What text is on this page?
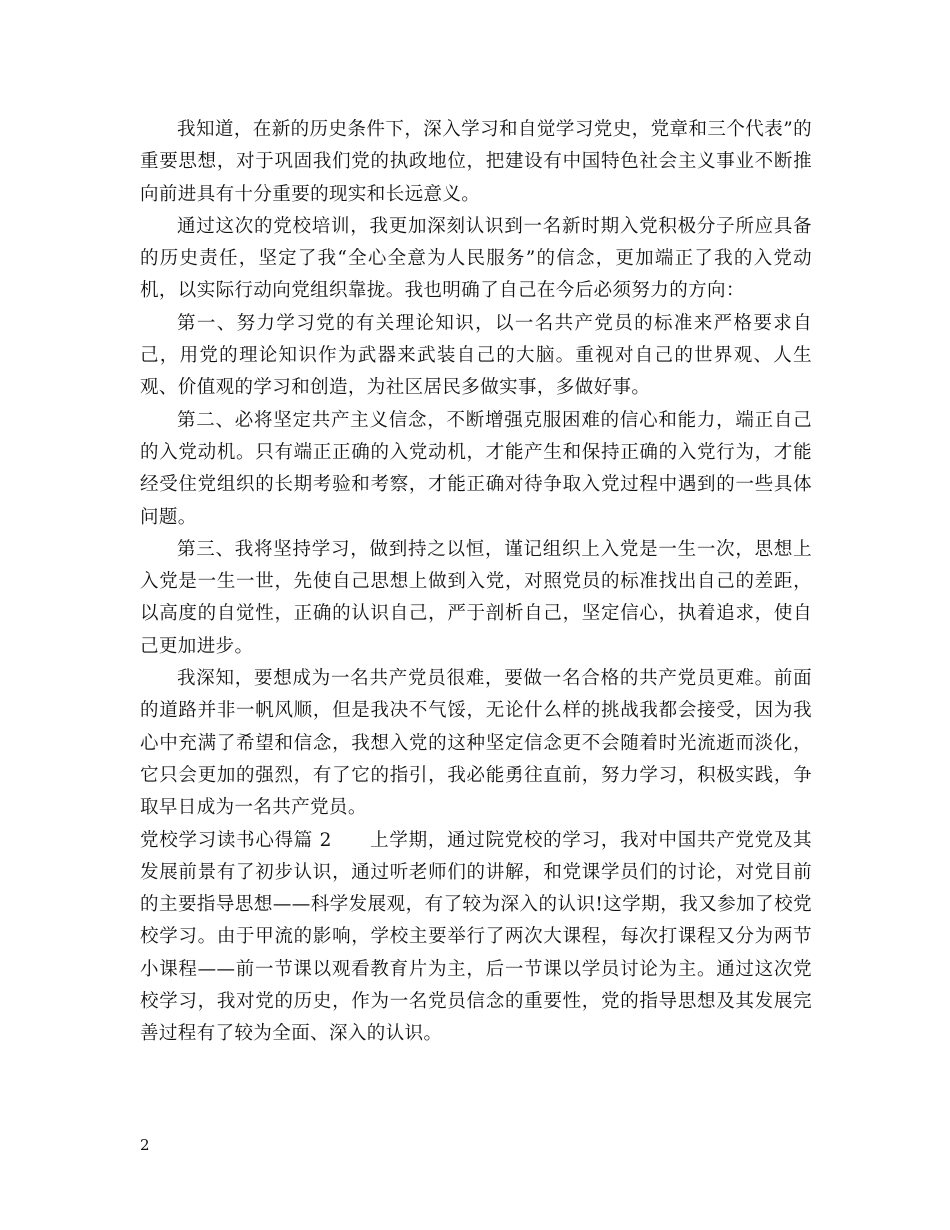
我知道，在新的历史条件下，深入学习和自觉学习党史，党章和三个代表”的重要思想，对于巩固我们党的执政地位，把建设有中国特色社会主义事业不断推向前进具有十分重要的现实和长远意义。

通过这次的党校培训，我更加深刻认识到一名新时期入党积极分子所应具备的历史责任，坚定了我“全心全意为人民服务”的信念，更加端正了我的入党动机，以实际行动向党组织靠拢。我也明确了自己在今后必须努力的方向：

第一、努力学习党的有关理论知识，以一名共产党员的标准来严格要求自己，用党的理论知识作为武器来武装自己的大脑。重视对自己的世界观、人生观、价值观的学习和创造，为社区居民多做实事，多做好事。

第二、必将坚定共产主义信念，不断增强克服困难的信心和能力，端正自己的入党动机。只有端正正确的入党动机，才能产生和保持正确的入党行为，才能经受住党组织的长期考验和考察，才能正确对待争取入党过程中遇到的一些具体问题。

第三、我将坚持学习，做到持之以恒，谨记组织上入党是一生一次，思想上入党是一生一世，先使自己思想上做到入党，对照党员的标准找出自己的差距，以高度的自觉性，正确的认识自己，严于剖析自己，坚定信心，执着追求，使自己更加进步。

我深知，要想成为一名共产党员很难，要做一名合格的共产党员更难。前面的道路并非一帆风顺，但是我决不气馁，无论什么样的挑战我都会接受，因为我心中充满了希望和信念，我想入党的这种坚定信念更不会随着时光流逝而淡化，它只会更加的强烈，有了它的指引，我必能勇往直前，努力学习，积极实践，争取早日成为一名共产党员。

党校学习读书心得篇 2 上学期，通过院党校的学习，我对中国共产党党及其发展前景有了初步认识，通过听老师们的讲解，和党课学员们的讨论，对党目前的主要指导思想——科学发展观，有了较为深入的认识!这学期，我又参加了校党校学习。由于甲流的影响，学校主要举行了两次大课程，每次打课程又分为两节小课程——前一节课以观看教育片为主，后一节课以学员讨论为主。通过这次党校学习，我对党的历史，作为一名党员信念的重要性，党的指导思想及其发展完善过程有了较为全面、深入的认识。

2
